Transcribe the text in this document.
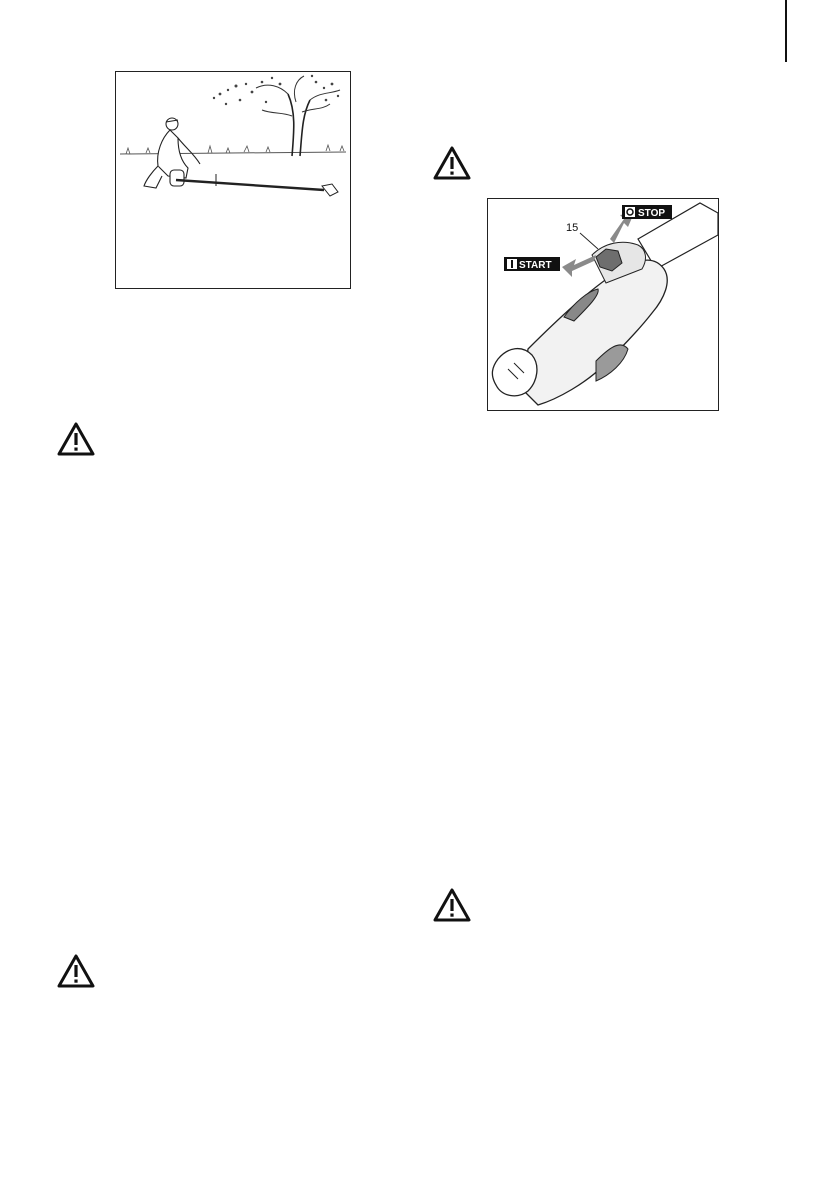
15
STOP
START
